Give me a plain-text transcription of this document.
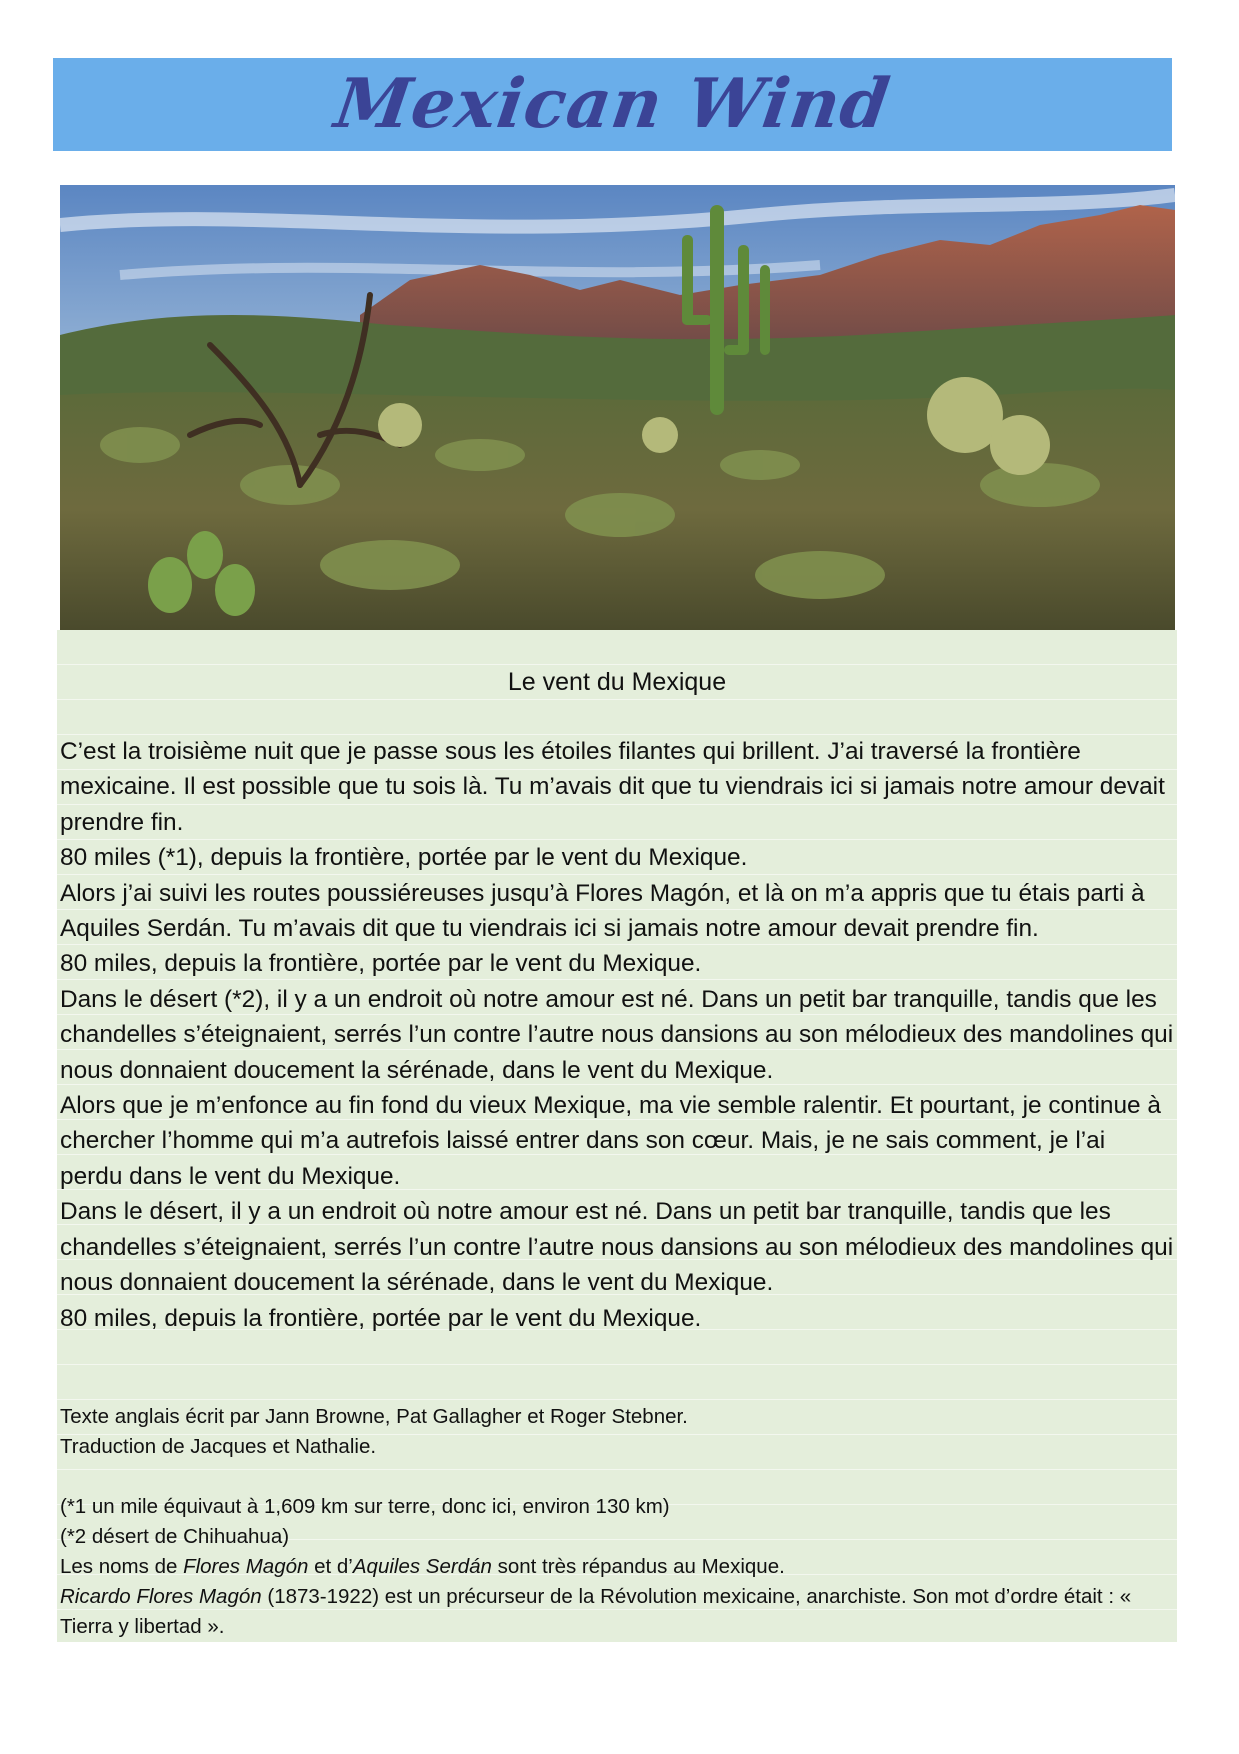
Mexican Wind
Le vent du Mexique

C’est la troisième nuit que je passe sous les étoiles filantes qui brillent. J’ai traversé la frontière mexicaine. Il est possible que tu sois là. Tu m’avais dit que tu viendrais ici si jamais notre amour devait prendre fin.

80 miles (*1), depuis la frontière, portée par le vent du Mexique.

Alors j’ai suivi les routes poussiéreuses jusqu’à Flores Magón, et là on m’a appris que tu étais parti à Aquiles Serdán. Tu m’avais dit que tu viendrais ici si jamais notre amour devait prendre fin.

80 miles, depuis la frontière, portée par le vent du Mexique.

Dans le désert (*2), il y a un endroit où notre amour est né. Dans un petit bar tranquille, tandis que les chandelles s’éteignaient, serrés l’un contre l’autre nous dansions au son mélodieux des mandolines qui nous donnaient doucement la sérénade, dans le vent du Mexique.

Alors que je m’enfonce au fin fond du vieux Mexique, ma vie semble ralentir. Et pourtant, je continue à chercher l’homme qui m’a autrefois laissé entrer dans son cœur. Mais, je ne sais comment, je l’ai perdu dans le vent du Mexique.

Dans le désert, il y a un endroit où notre amour est né. Dans un petit bar tranquille, tandis que les chandelles s’éteignaient, serrés l’un contre l’autre nous dansions au son mélodieux des mandolines qui nous donnaient doucement la sérénade, dans le vent du Mexique.

80 miles, depuis la frontière, portée par le vent du Mexique.

Texte anglais écrit par Jann Browne, Pat Gallagher et Roger Stebner.

Traduction de Jacques et Nathalie.

(*1 un mile équivaut à 1,609 km sur terre, donc ici, environ 130 km)

(*2 désert de Chihuahua)

Les noms de Flores Magón et d’Aquiles Serdán sont très répandus au Mexique.

Ricardo Flores Magón (1873-1922) est un précurseur de la Révolution mexicaine, anarchiste. Son mot d’ordre était : « Tierra y libertad ».
